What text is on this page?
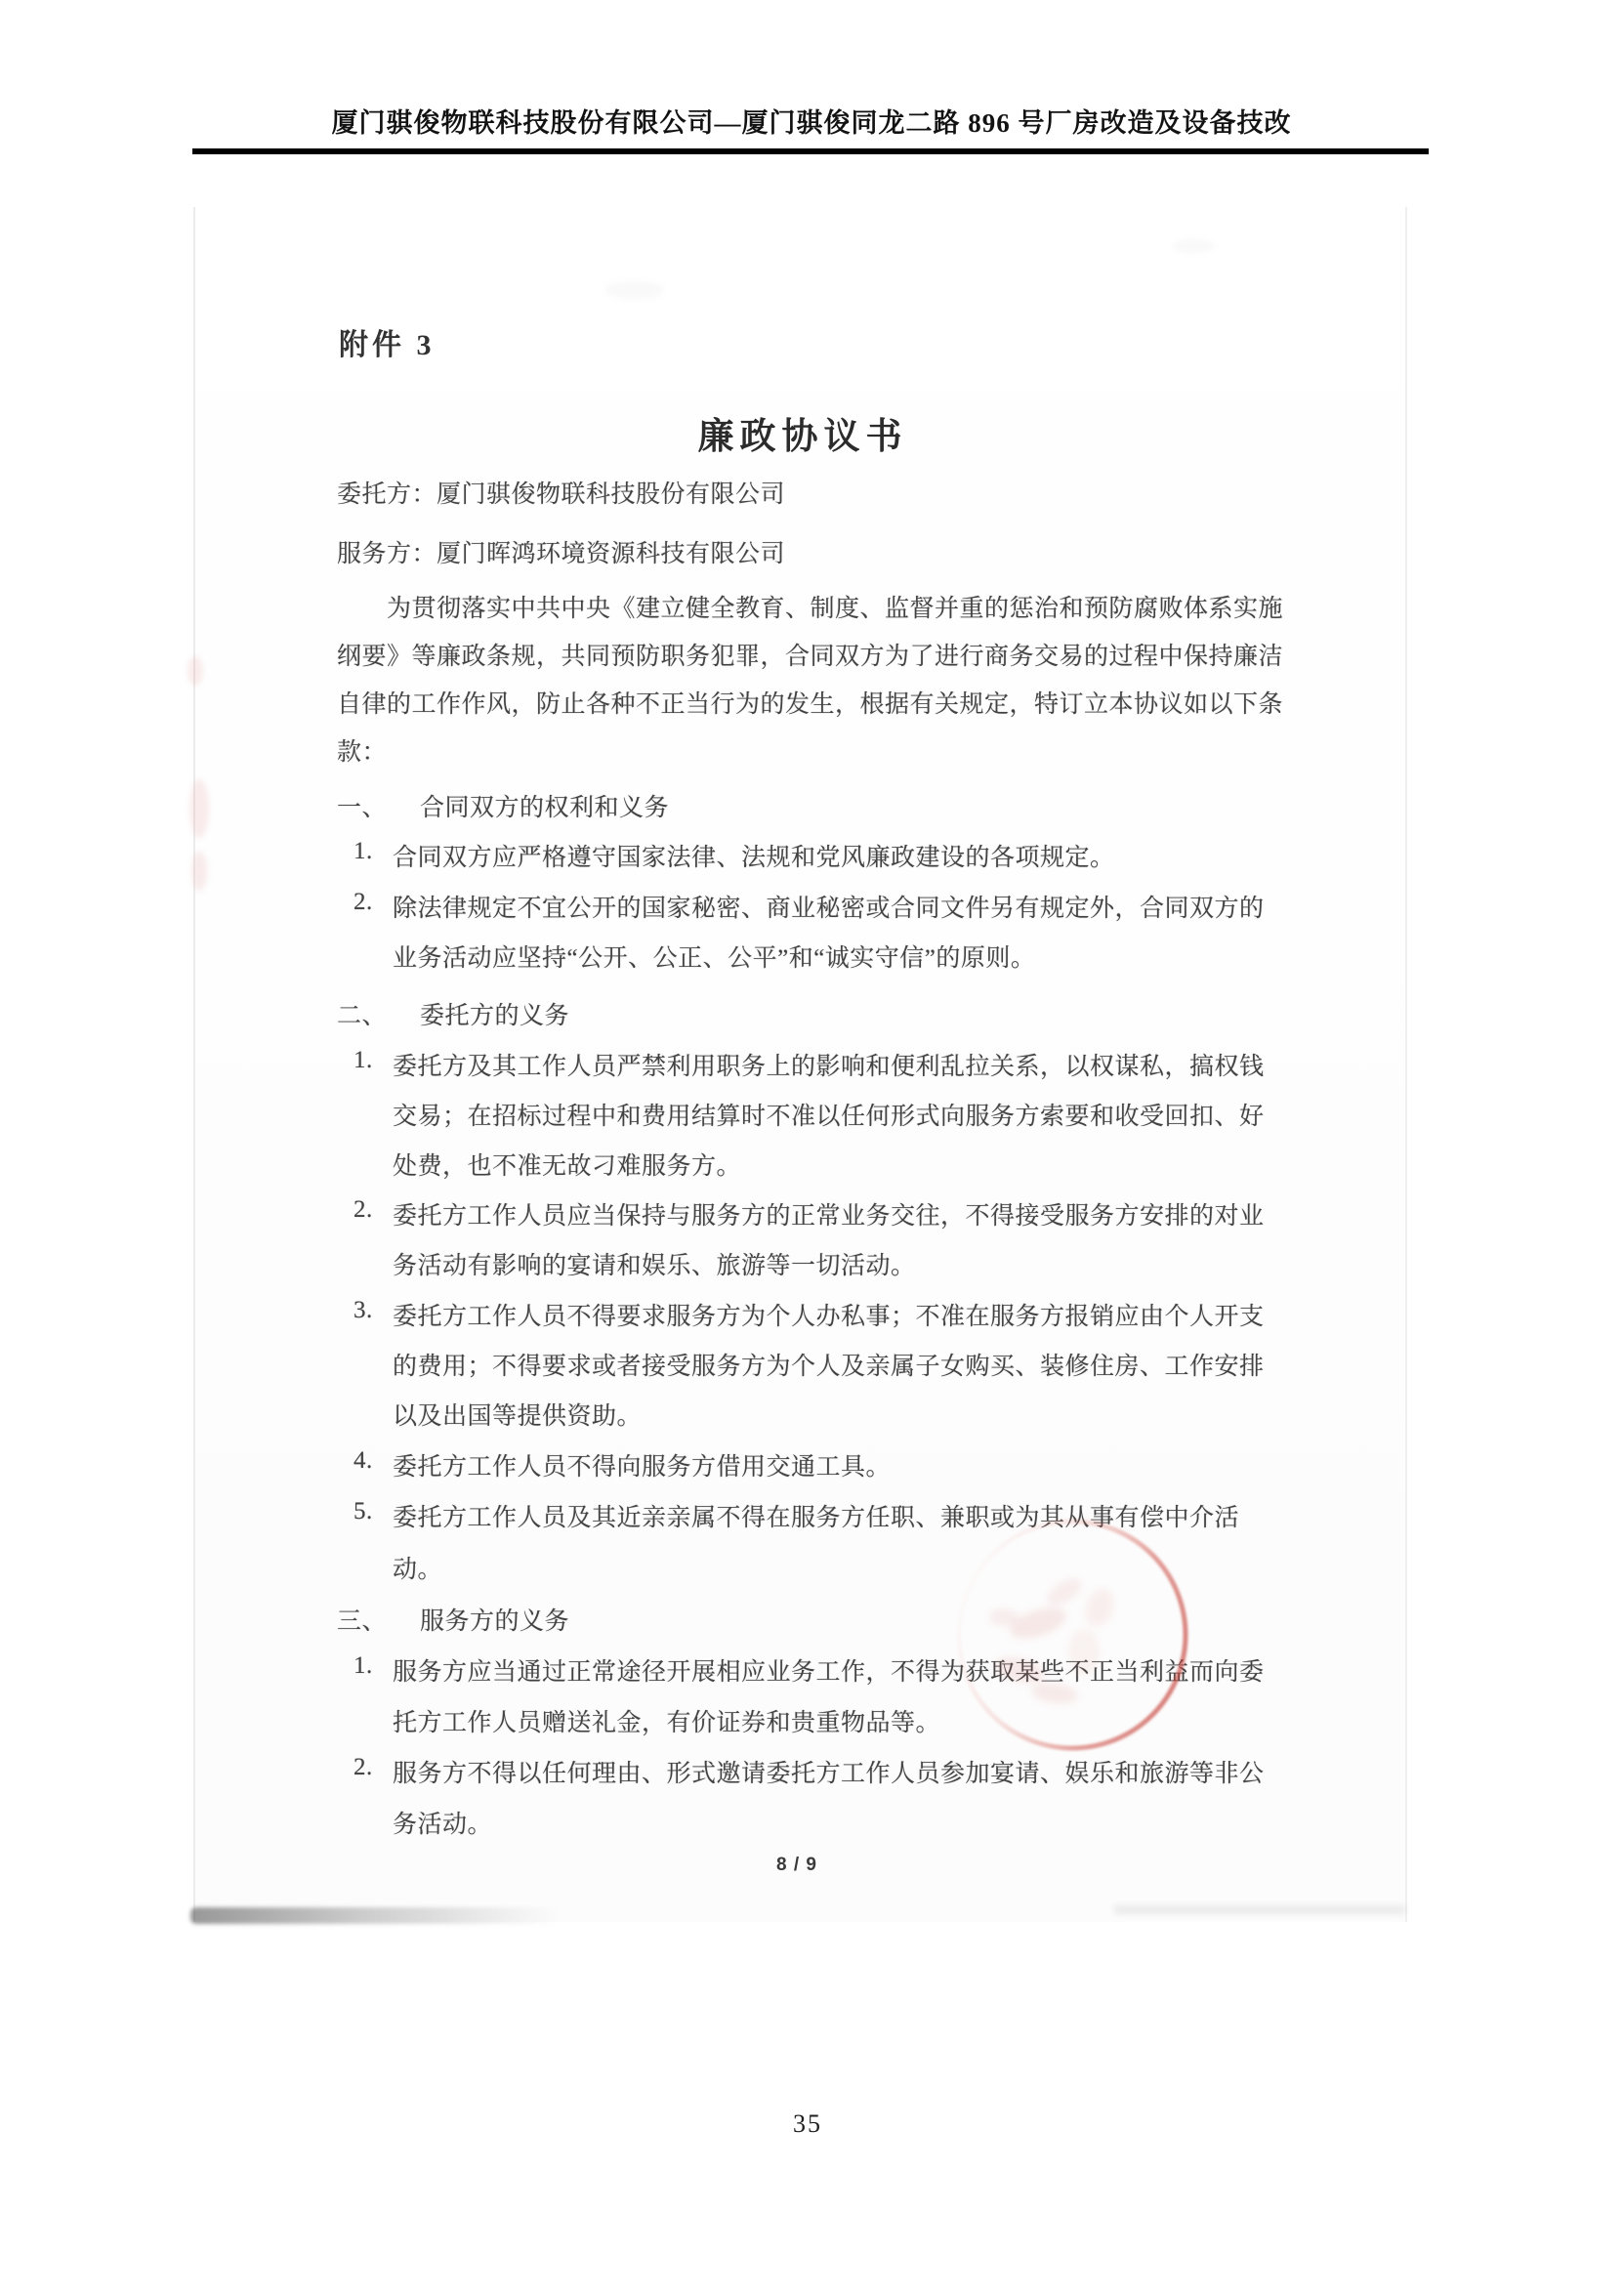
厦门骐俊物联科技股份有限公司—厦门骐俊同龙二路 896 号厂房改造及设备技改
附件 3
廉政协议书
委托方：厦门骐俊物联科技股份有限公司
服务方：厦门晖鸿环境资源科技有限公司
为贯彻落实中共中央《建立健全教育、制度、监督并重的惩治和预防腐败体系实施
纲要》等廉政条规，共同预防职务犯罪，合同双方为了进行商务交易的过程中保持廉洁
自律的工作作风，防止各种不正当行为的发生，根据有关规定，特订立本协议如以下条
款：
一、 合同双方的权利和义务
1. 合同双方应严格遵守国家法律、法规和党风廉政建设的各项规定。
2. 除法律规定不宜公开的国家秘密、商业秘密或合同文件另有规定外，合同双方的
业务活动应坚持“公开、公正、公平”和“诚实守信”的原则。
二、 委托方的义务
1. 委托方及其工作人员严禁利用职务上的影响和便利乱拉关系，以权谋私，搞权钱
交易；在招标过程中和费用结算时不准以任何形式向服务方索要和收受回扣、好
处费，也不准无故刁难服务方。
2. 委托方工作人员应当保持与服务方的正常业务交往，不得接受服务方安排的对业
务活动有影响的宴请和娱乐、旅游等一切活动。
3. 委托方工作人员不得要求服务方为个人办私事；不准在服务方报销应由个人开支
的费用；不得要求或者接受服务方为个人及亲属子女购买、装修住房、工作安排
以及出国等提供资助。
4. 委托方工作人员不得向服务方借用交通工具。
5. 委托方工作人员及其近亲亲属不得在服务方任职、兼职或为其从事有偿中介活
动。
三、 服务方的义务
1. 服务方应当通过正常途径开展相应业务工作，不得为获取某些不正当利益而向委
托方工作人员赠送礼金，有价证券和贵重物品等。
2. 服务方不得以任何理由、形式邀请委托方工作人员参加宴请、娱乐和旅游等非公
务活动。
8 / 9
35
